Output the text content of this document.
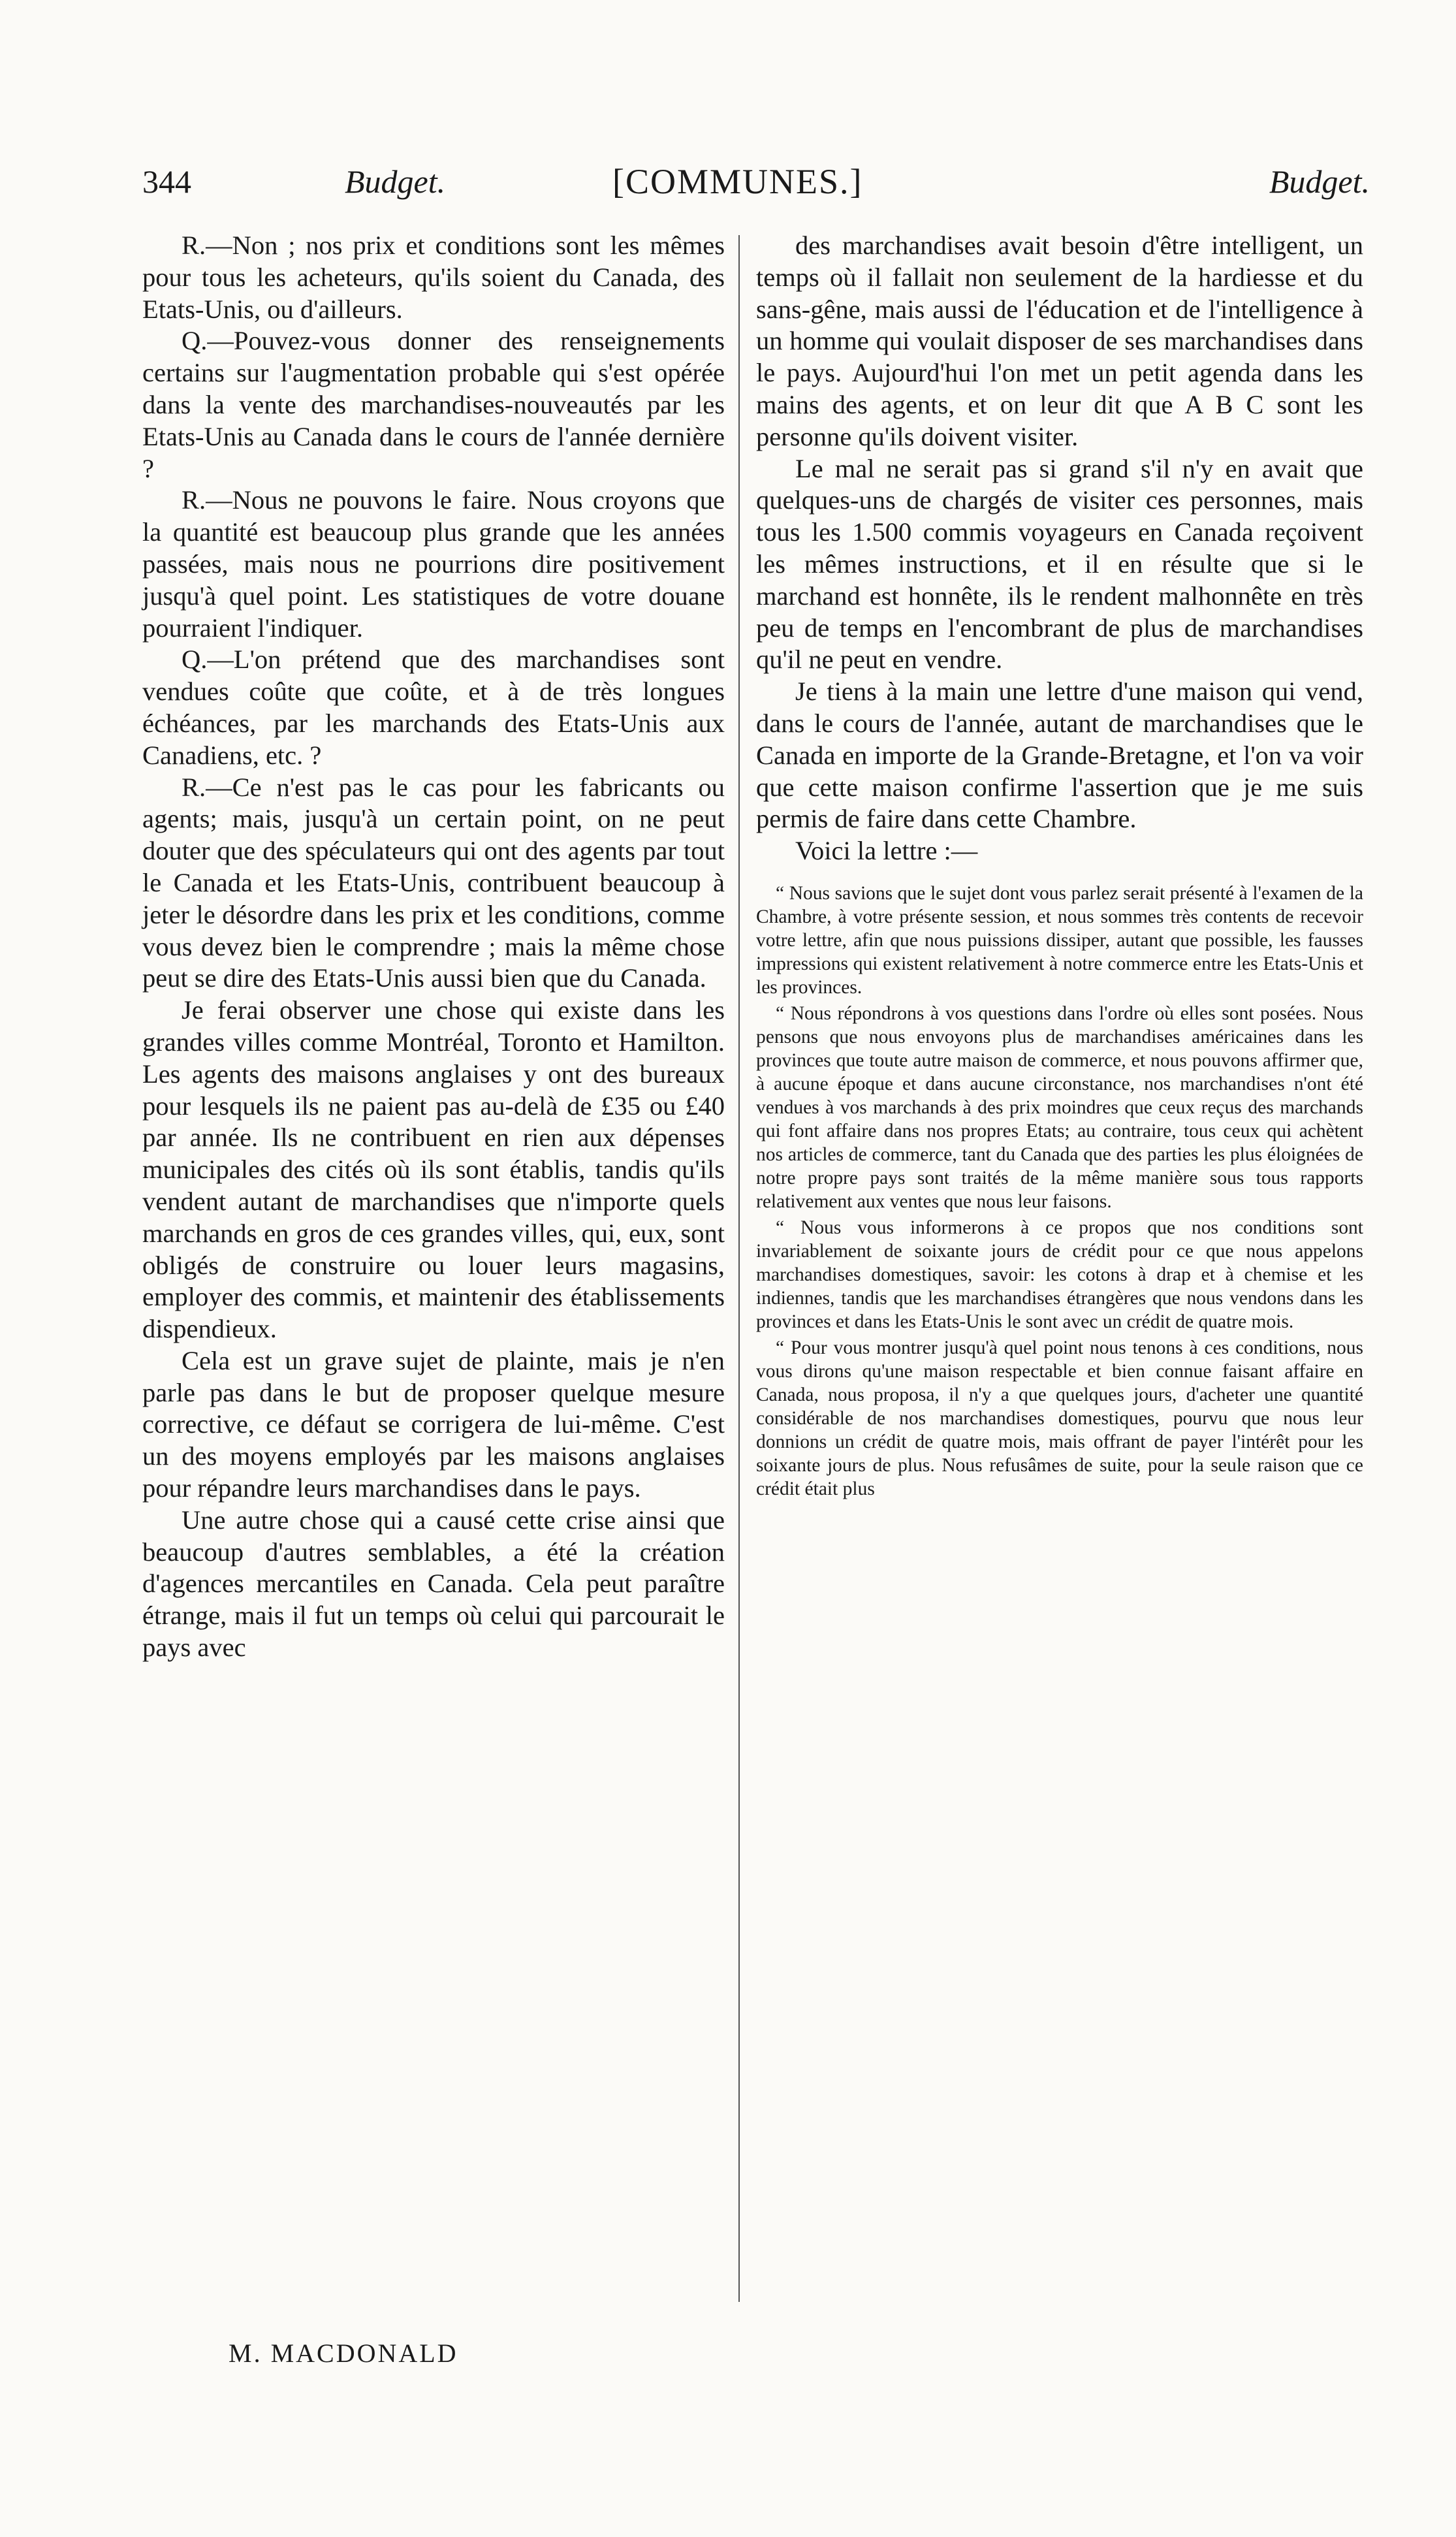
344	Budget.	[COMMUNES.]	Budget.

R.—Non ; nos prix et conditions sont les mêmes pour tous les acheteurs, qu'ils soient du Canada, des Etats-Unis, ou d'ailleurs.

Q.—Pouvez-vous donner des renseignements certains sur l'augmentation probable qui s'est opérée dans la vente des marchandises-nouveautés par les Etats-Unis au Canada dans le cours de l'année dernière ?

R.—Nous ne pouvons le faire. Nous croyons que la quantité est beaucoup plus grande que les années passées, mais nous ne pourrions dire positivement jusqu'à quel point. Les statistiques de votre douane pourraient l'indiquer.

Q.—L'on prétend que des marchandises sont vendues coûte que coûte, et à de très longues échéances, par les marchands des Etats-Unis aux Canadiens, etc. ?

R.—Ce n'est pas le cas pour les fabricants ou agents; mais, jusqu'à un certain point, on ne peut douter que des spéculateurs qui ont des agents par tout le Canada et les Etats-Unis, contribuent beaucoup à jeter le désordre dans les prix et les conditions, comme vous devez bien le comprendre ; mais la même chose peut se dire des Etats-Unis aussi bien que du Canada.

Je ferai observer une chose qui existe dans les grandes villes comme Montréal, Toronto et Hamilton. Les agents des maisons anglaises y ont des bureaux pour lesquels ils ne paient pas au-delà de £35 ou £40 par année. Ils ne contribuent en rien aux dépenses municipales des cités où ils sont établis, tandis qu'ils vendent autant de marchandises que n'importe quels marchands en gros de ces grandes villes, qui, eux, sont obligés de construire ou louer leurs magasins, employer des commis, et maintenir des établissements dispendieux.

Cela est un grave sujet de plainte, mais je n'en parle pas dans le but de proposer quelque mesure corrective, ce défaut se corrigera de lui-même. C'est un des moyens employés par les maisons anglaises pour répandre leurs marchandises dans le pays.

Une autre chose qui a causé cette crise ainsi que beaucoup d'autres semblables, a été la création d'agences mercantiles en Canada. Cela peut paraître étrange, mais il fut un temps où celui qui parcourait le pays avec

des marchandises avait besoin d'être intelligent, un temps où il fallait non seulement de la hardiesse et du sans-gêne, mais aussi de l'éducation et de l'intelligence à un homme qui voulait disposer de ses marchandises dans le pays. Aujourd'hui l'on met un petit agenda dans les mains des agents, et on leur dit que A B C sont les personne qu'ils doivent visiter.

Le mal ne serait pas si grand s'il n'y en avait que quelques-uns de chargés de visiter ces personnes, mais tous les 1.500 commis voyageurs en Canada reçoivent les mêmes instructions, et il en résulte que si le marchand est honnête, ils le rendent malhonnête en très peu de temps en l'encombrant de plus de marchandises qu'il ne peut en vendre.

Je tiens à la main une lettre d'une maison qui vend, dans le cours de l'année, autant de marchandises que le Canada en importe de la Grande-Bretagne, et l'on va voir que cette maison confirme l'assertion que je me suis permis de faire dans cette Chambre.

Voici la lettre :—

“ Nous savions que le sujet dont vous parlez serait présenté à l'examen de la Chambre, à votre présente session, et nous sommes très contents de recevoir votre lettre, afin que nous puissions dissiper, autant que possible, les fausses impressions qui existent relativement à notre commerce entre les Etats-Unis et les provinces.

“ Nous répondrons à vos questions dans l'ordre où elles sont posées. Nous pensons que nous envoyons plus de marchandises américaines dans les provinces que toute autre maison de commerce, et nous pouvons affirmer que, à aucune époque et dans aucune circonstance, nos marchandises n'ont été vendues à vos marchands à des prix moindres que ceux reçus des marchands qui font affaire dans nos propres Etats; au contraire, tous ceux qui achètent nos articles de commerce, tant du Canada que des parties les plus éloignées de notre propre pays sont traités de la même manière sous tous rapports relativement aux ventes que nous leur faisons.

“ Nous vous informerons à ce propos que nos conditions sont invariablement de soixante jours de crédit pour ce que nous appelons marchandises domestiques, savoir: les cotons à drap et à chemise et les indiennes, tandis que les marchandises étrangères que nous vendons dans les provinces et dans les Etats-Unis le sont avec un crédit de quatre mois.

“ Pour vous montrer jusqu'à quel point nous tenons à ces conditions, nous vous dirons qu'une maison respectable et bien connue faisant affaire en Canada, nous proposa, il n'y a que quelques jours, d'acheter une quantité considérable de nos marchandises domestiques, pourvu que nous leur donnions un crédit de quatre mois, mais offrant de payer l'intérêt pour les soixante jours de plus. Nous refusâmes de suite, pour la seule raison que ce crédit était plus

M. MACDONALD
